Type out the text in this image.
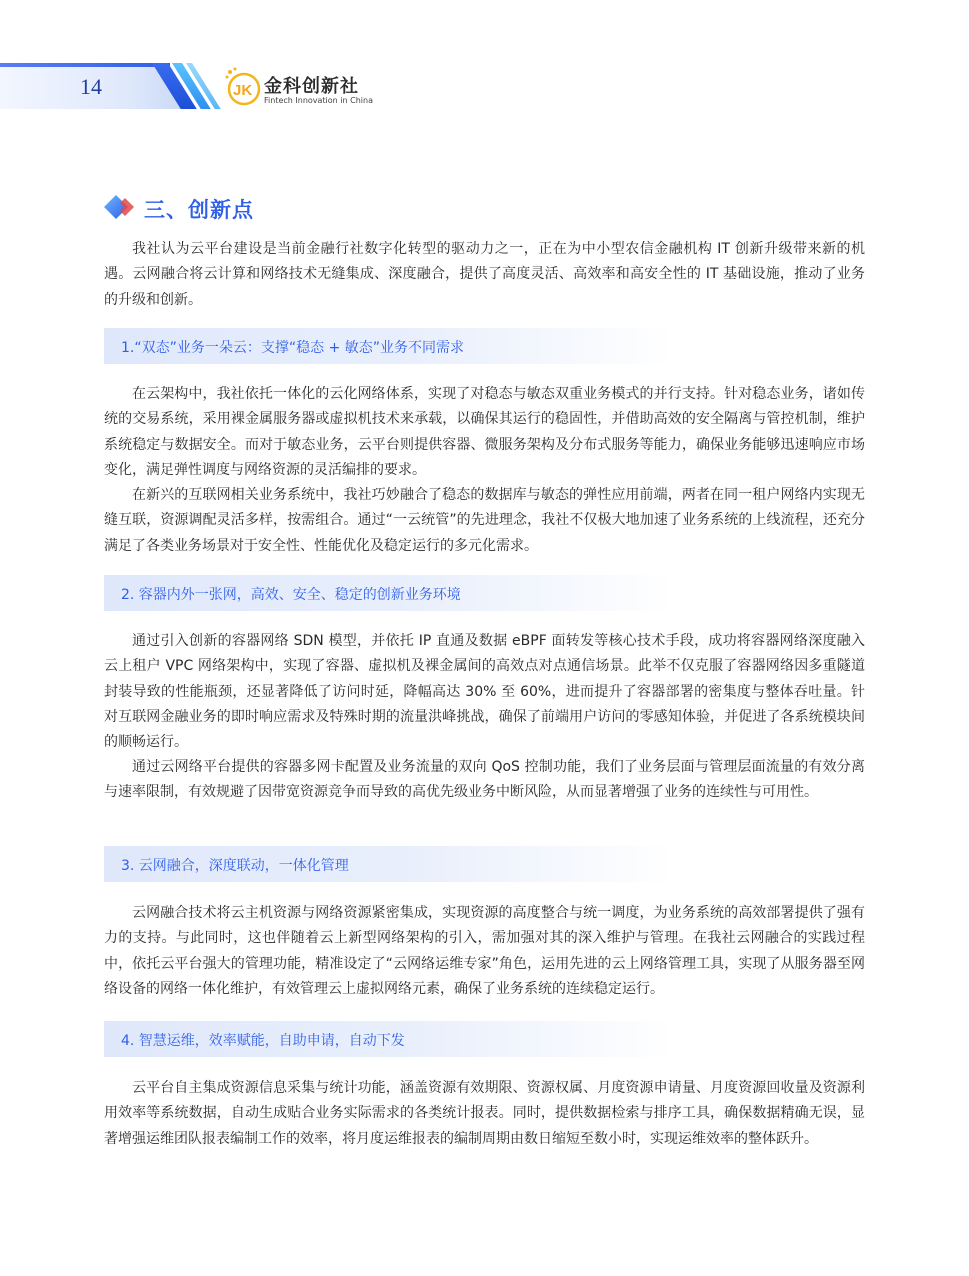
14	JK 金科创新社
Fintech Innovation in China
三、创新点

我社认为云平台建设是当前金融行社数字化转型的驱动力之一，正在为中小型农信金融机构 IT 创新升级带来新的机遇。云网融合将云计算和网络技术无缝集成、深度融合，提供了高度灵活、高效率和高安全性的 IT 基础设施，推动了业务的升级和创新。

1.“双态”业务一朵云：支撑“稳态 + 敏态”业务不同需求

在云架构中，我社依托一体化的云化网络体系，实现了对稳态与敏态双重业务模式的并行支持。针对稳态业务，诸如传统的交易系统，采用裸金属服务器或虚拟机技术来承载，以确保其运行的稳固性，并借助高效的安全隔离与管控机制，维护系统稳定与数据安全。而对于敏态业务，云平台则提供容器、微服务架构及分布式服务等能力，确保业务能够迅速响应市场变化，满足弹性调度与网络资源的灵活编排的要求。

在新兴的互联网相关业务系统中，我社巧妙融合了稳态的数据库与敏态的弹性应用前端，两者在同一租户网络内实现无缝互联，资源调配灵活多样，按需组合。通过“一云统管”的先进理念，我社不仅极大地加速了业务系统的上线流程，还充分满足了各类业务场景对于安全性、性能优化及稳定运行的多元化需求。

2. 容器内外一张网，高效、安全、稳定的创新业务环境

通过引入创新的容器网络 SDN 模型，并依托 IP 直通及数据 eBPF 面转发等核心技术手段，成功将容器网络深度融入云上租户 VPC 网络架构中，实现了容器、虚拟机及裸金属间的高效点对点通信场景。此举不仅克服了容器网络因多重隧道封装导致的性能瓶颈，还显著降低了访问时延，降幅高达 30% 至 60%，进而提升了容器部署的密集度与整体吞吐量。针对互联网金融业务的即时响应需求及特殊时期的流量洪峰挑战，确保了前端用户访问的零感知体验，并促进了各系统模块间的顺畅运行。

通过云网络平台提供的容器多网卡配置及业务流量的双向 QoS 控制功能，我们了业务层面与管理层面流量的有效分离与速率限制，有效规避了因带宽资源竞争而导致的高优先级业务中断风险，从而显著增强了业务的连续性与可用性。

3. 云网融合，深度联动，一体化管理

云网融合技术将云主机资源与网络资源紧密集成，实现资源的高度整合与统一调度，为业务系统的高效部署提供了强有力的支持。与此同时，这也伴随着云上新型网络架构的引入，需加强对其的深入维护与管理。在我社云网融合的实践过程中，依托云平台强大的管理功能，精准设定了“云网络运维专家”角色，运用先进的云上网络管理工具，实现了从服务器至网络设备的网络一体化维护，有效管理云上虚拟网络元素，确保了业务系统的连续稳定运行。

4. 智慧运维，效率赋能，自助申请，自动下发

云平台自主集成资源信息采集与统计功能，涵盖资源有效期限、资源权属、月度资源申请量、月度资源回收量及资源利用效率等系统数据，自动生成贴合业务实际需求的各类统计报表。同时，提供数据检索与排序工具，确保数据精确无误，显著增强运维团队报表编制工作的效率，将月度运维报表的编制周期由数日缩短至数小时，实现运维效率的整体跃升。
